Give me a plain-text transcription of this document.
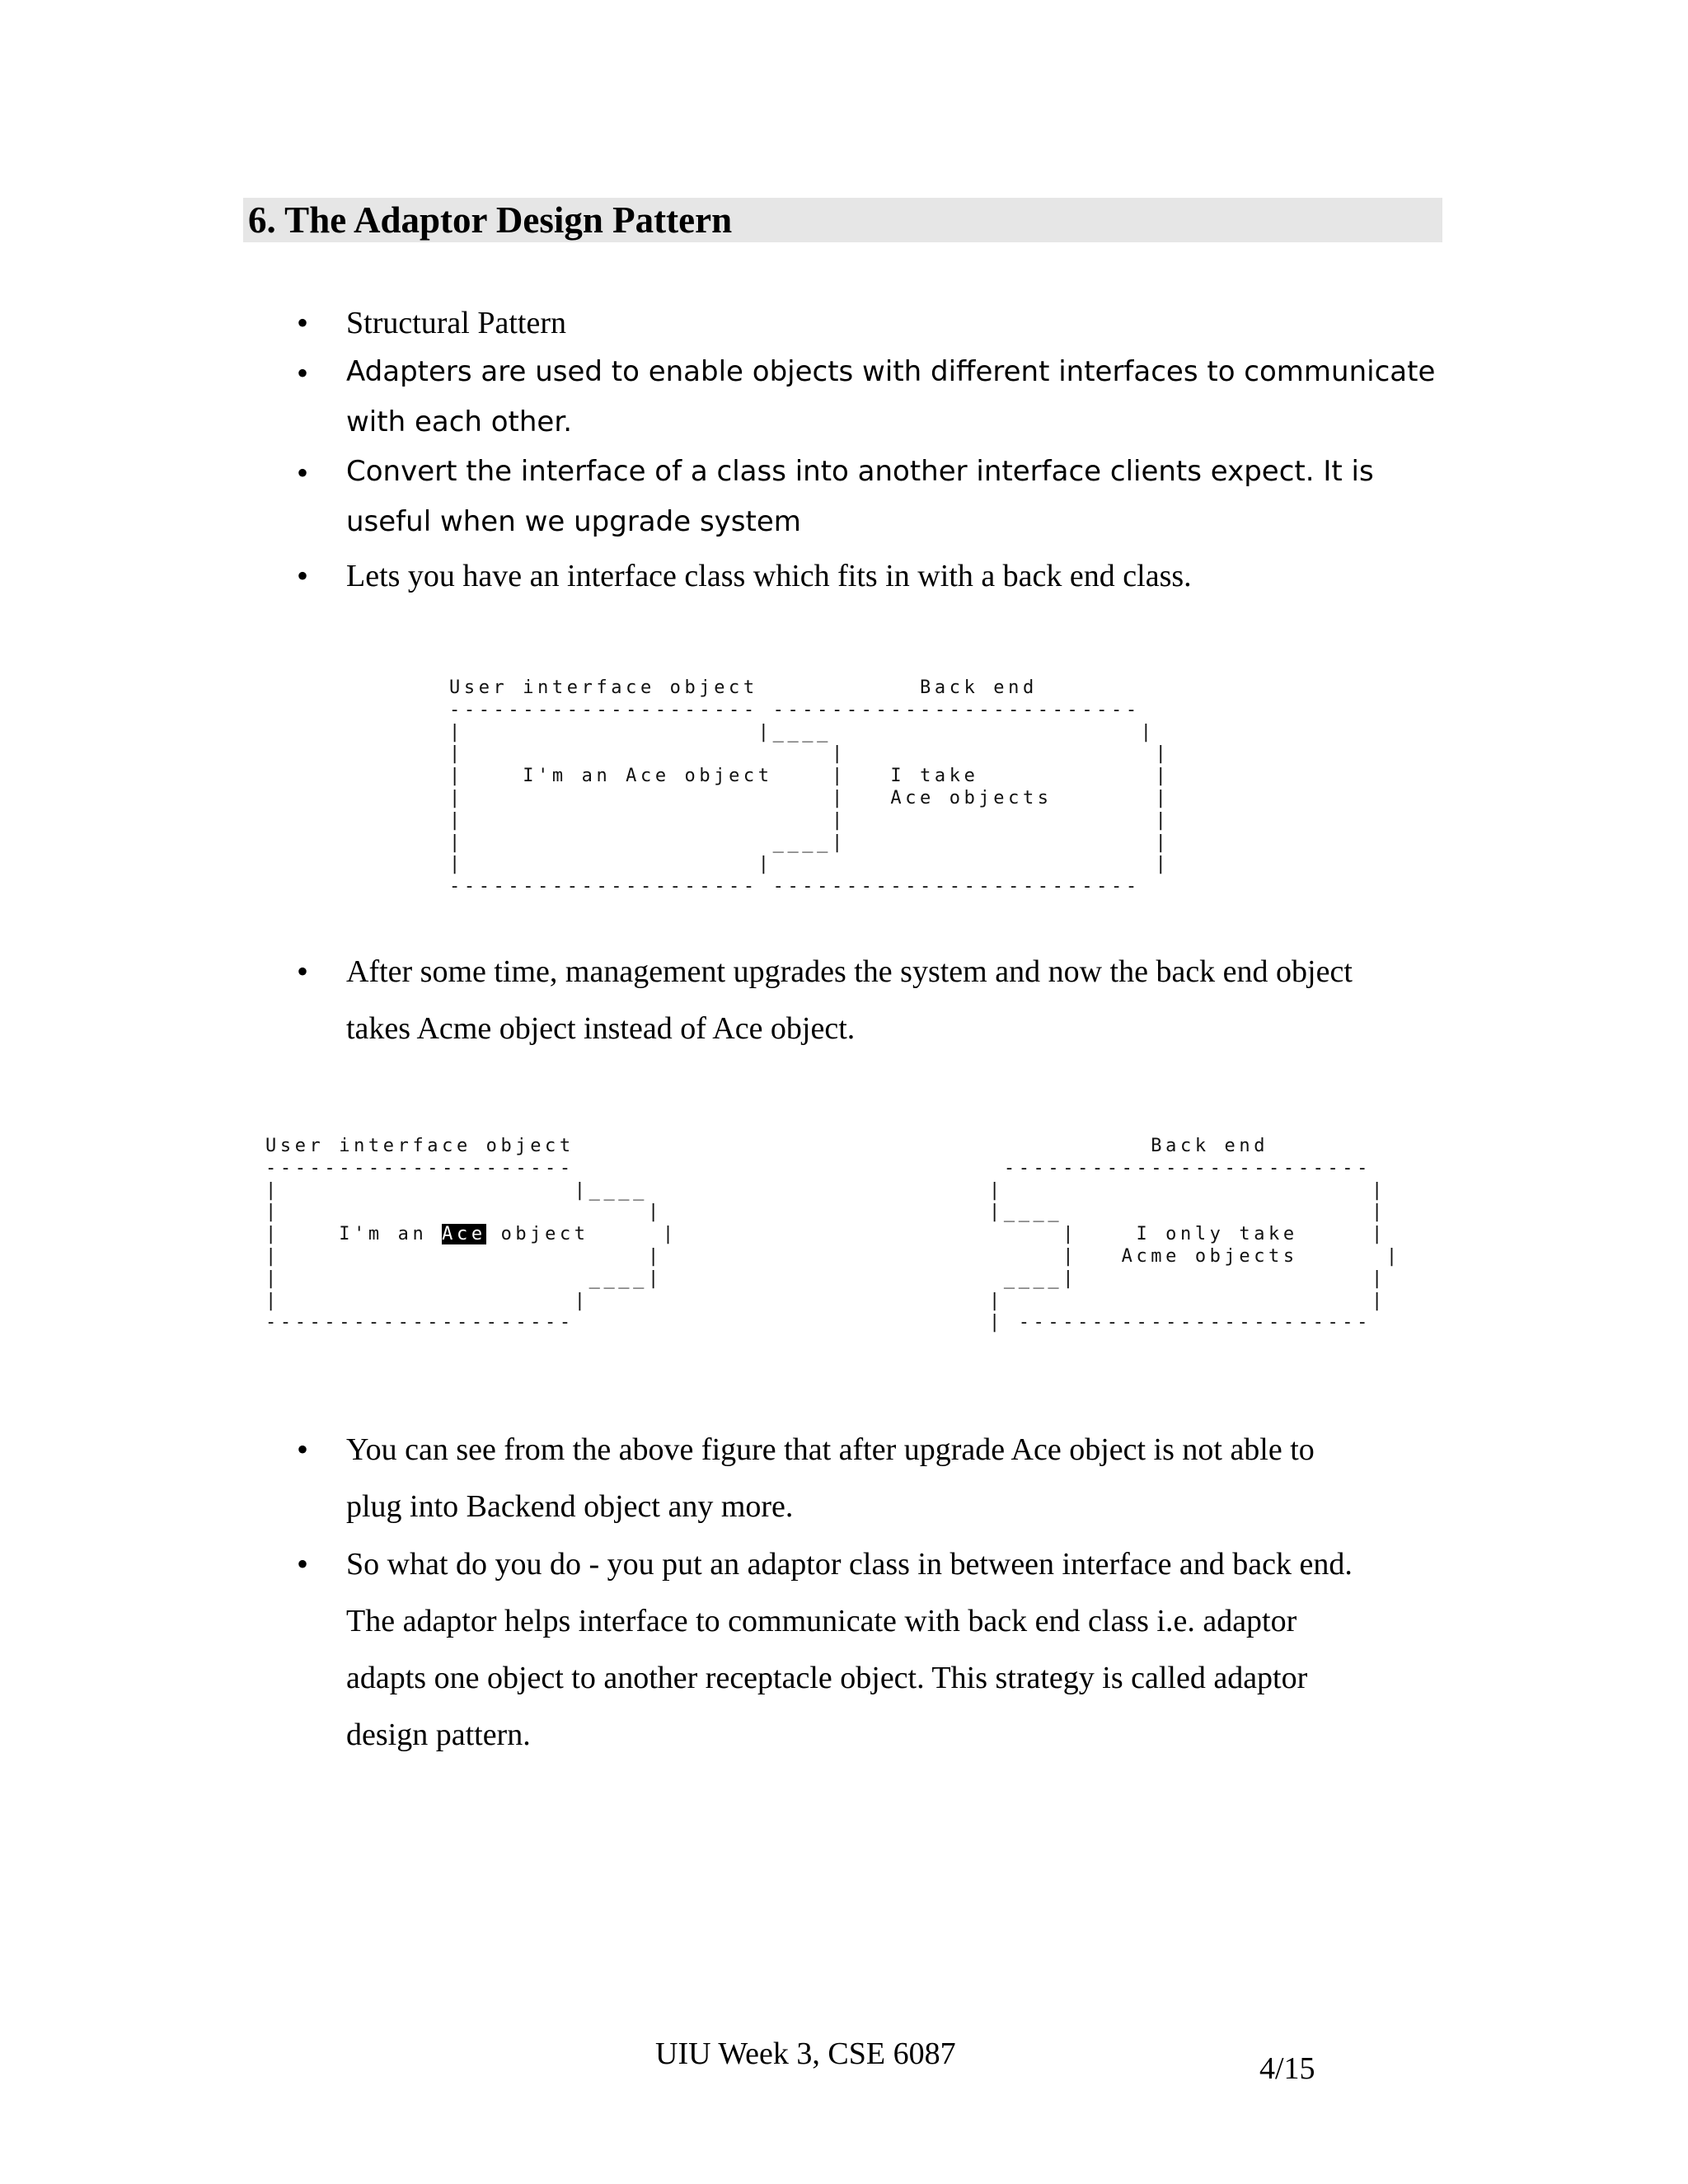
6. The Adaptor Design Pattern
• Structural Pattern
• Adapters are used to enable objects with different interfaces to communicate
with each other.
• Convert the interface of a class into another interface clients expect. It is
useful when we upgrade system
• Lets you have an interface class which fits in with a back end class.
User interface object	Back end
--------------------- -------------------------
|                    |____                     |
|                         |                     |
|	I'm an Ace object    |   I take	|
|                         |   Ace objects	|
|                         |                     |
|                     ____|                     |
|                    |                          |
--------------------- -------------------------
• After some time, management upgrades the system and now the back end object
takes Acme object instead of Ace object.
User interface object
---------------------
|                    |____
|                         |
|	I'm an Ace object	|
|                         |
|                     ____|
|                    |
---------------------
Back end
-------------------------
|                         |
|____                     |
|	I only take	|
|   Acme objects	|
____|                    |
|                         |
| ------------------------
• You can see from the above figure that after upgrade Ace object is not able to
plug into Backend object any more.
• So what do you do - you put an adaptor class in between interface and back end.
The adaptor helps interface to communicate with back end class i.e. adaptor
adapts one object to another receptacle object. This strategy is called adaptor
design pattern.
UIU Week 3, CSE 6087	4/15
